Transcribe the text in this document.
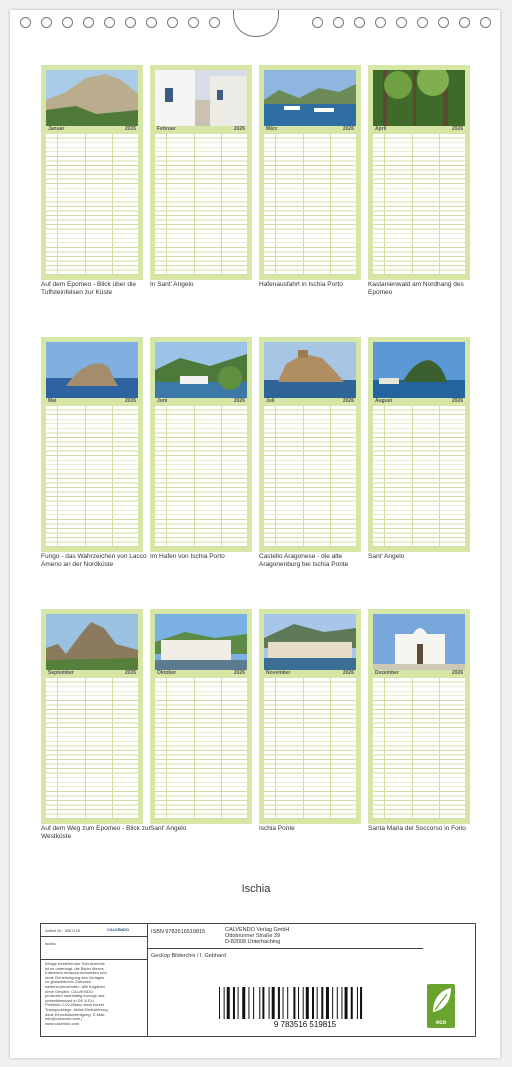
Januar	2026
Auf dem Epomeo - Blick über die Tuffsteinfelsen zur Küste
Februar	2026
In Sant' Angelo
März	2026
Hafenausfahrt in Ischia Porto
April	2026
Kastanienwald am Nordhang des Epomeo
Mai	2026
Fungo - das Wahrzeichen von Lacco Ameno an der Nordküste
Juni	2026
Im Hafen von Ischia Porto
Juli	2026
Castello Aragonese - die alte Aragonenburg bei Ischia Ponte
August	2026
Sant' Angelo
September	2026
Auf dem Weg zum Epomeo - Blick zur Westküste
Oktober	2026
Sant' Angelo
November	2026
Ischia Ponte
Dezember	2026
Santa Maria del Soccorso in Forio
Ischia
Artikel Nr.: 3067125	CALVENDO
Ischia
Infolge bestehender Schutzrechte ist es untersagt, die Bilder dieses Kalenders herauszuschneiden und ohne Genehmigung des Verlages zu gewerblichen Zwecken weiterzuverwenden. Alle Angaben ohne Gewähr. CALVENDO produziert nachhaltig erzeugt und umweltbewusst in DE & EU. Preisinfo CO2-Bilanz dank kurzer Transportwege. Abfall-Reduzierung dank Einzelstückfertigung. E-Mail: info@calvendo.com | www.calvendo.com
ISBN 9783516519815	CALVENDO Verlag GmbH
Ottobrunner Straße 39
D-82008 Unterhaching
Geckop Bilderchiv / I. Gebhard
9 783516 519815	eco
